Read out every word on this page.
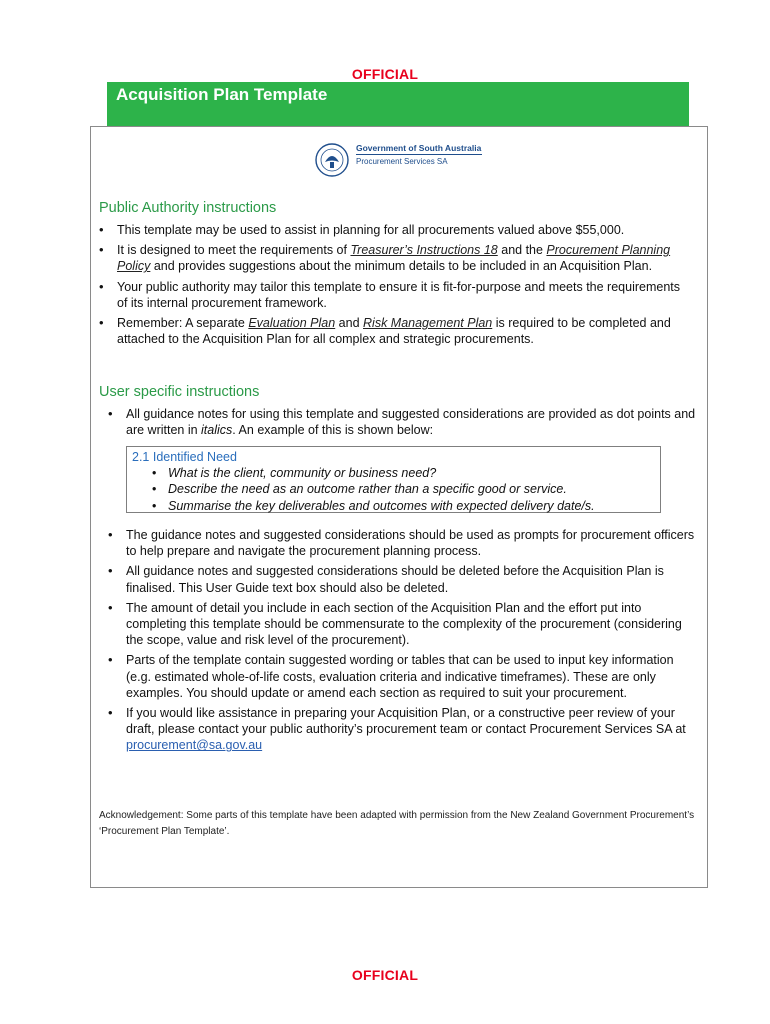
OFFICIAL
Acquisition Plan Template
Government of South Australia
Procurement Services SA
Public Authority instructions
• This template may be used to assist in planning for all procurements valued above $55,000.
• It is designed to meet the requirements of Treasurer’s Instructions 18 and the Procurement Planning Policy and provides suggestions about the minimum details to be included in an Acquisition Plan.
• Your public authority may tailor this template to ensure it is fit-for-purpose and meets the requirements of its internal procurement framework.
• Remember: A separate Evaluation Plan and Risk Management Plan is required to be completed and attached to the Acquisition Plan for all complex and strategic procurements.
User specific instructions
• All guidance notes for using this template and suggested considerations are provided as dot points and are written in italics. An example of this is shown below:
2.1 Identified Need
• What is the client, community or business need?
• Describe the need as an outcome rather than a specific good or service.
• Summarise the key deliverables and outcomes with expected delivery date/s.
• The guidance notes and suggested considerations should be used as prompts for procurement officers to help prepare and navigate the procurement planning process.
• All guidance notes and suggested considerations should be deleted before the Acquisition Plan is finalised. This User Guide text box should also be deleted.
• The amount of detail you include in each section of the Acquisition Plan and the effort put into completing this template should be commensurate to the complexity of the procurement (considering the scope, value and risk level of the procurement).
• Parts of the template contain suggested wording or tables that can be used to input key information (e.g. estimated whole-of-life costs, evaluation criteria and indicative timeframes). These are only examples. You should update or amend each section as required to suit your procurement.
• If you would like assistance in preparing your Acquisition Plan, or a constructive peer review of your draft, please contact your public authority’s procurement team or contact Procurement Services SA at procurement@sa.gov.au
Acknowledgement: Some parts of this template have been adapted with permission from the New Zealand Government Procurement’s ‘Procurement Plan Template’.
OFFICIAL
